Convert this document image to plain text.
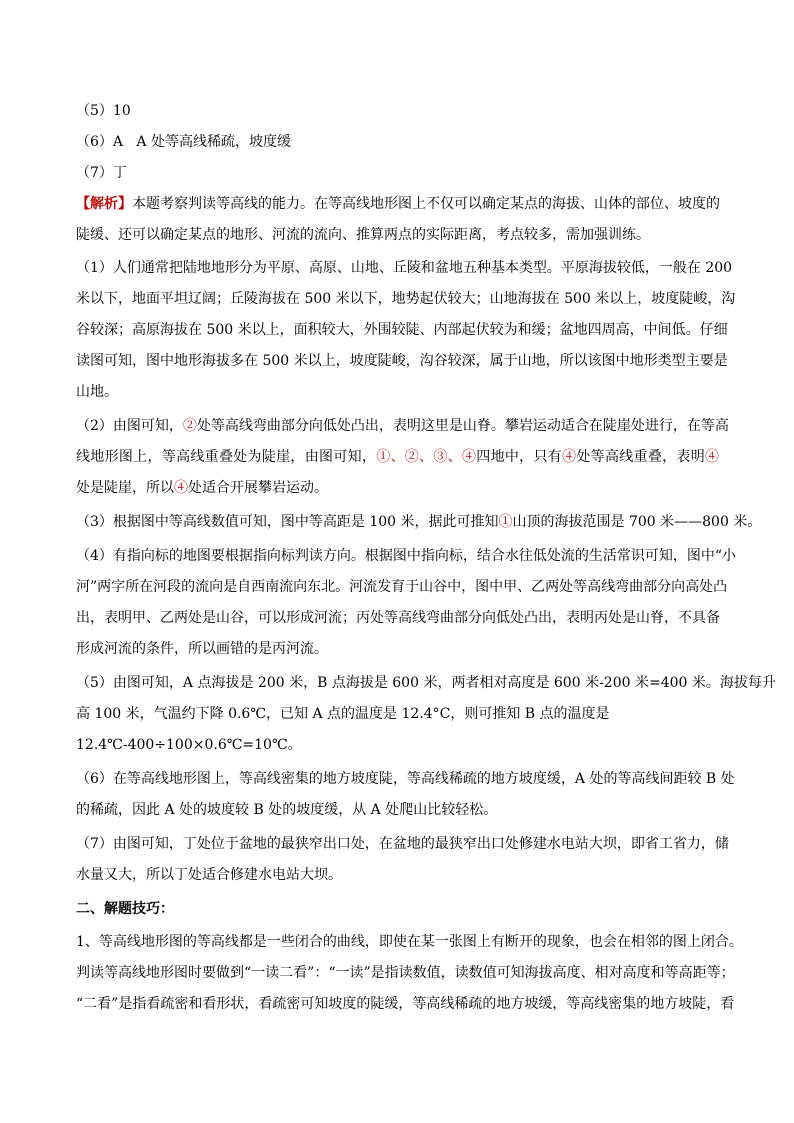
（5）10
（6）A A 处等高线稀疏，坡度缓
（7）丁
【解析】本题考察判读等高线的能力。在等高线地形图上不仅可以确定某点的海拔、山体的部位、坡度的
陡缓、还可以确定某点的地形、河流的流向、推算两点的实际距离，考点较多，需加强训练。
（1）人们通常把陆地地形分为平原、高原、山地、丘陵和盆地五种基本类型。平原海拔较低，一般在 200
米以下，地面平坦辽阔；丘陵海拔在 500 米以下，地势起伏较大；山地海拔在 500 米以上，坡度陡峻，沟
谷较深；高原海拔在 500 米以上，面积较大，外围较陡、内部起伏较为和缓；盆地四周高，中间低。仔细
读图可知，图中地形海拔多在 500 米以上，坡度陡峻，沟谷较深，属于山地，所以该图中地形类型主要是
山地。
（2）由图可知，②处等高线弯曲部分向低处凸出，表明这里是山脊。攀岩运动适合在陡崖处进行，在等高
线地形图上，等高线重叠处为陡崖，由图可知，①、②、③、④四地中，只有④处等高线重叠，表明④
处是陡崖，所以④处适合开展攀岩运动。
（3）根据图中等高线数值可知，图中等高距是 100 米，据此可推知①山顶的海拔范围是 700 米——800 米。
（4）有指向标的地图要根据指向标判读方向。根据图中指向标，结合水往低处流的生活常识可知，图中“小
河”两字所在河段的流向是自西南流向东北。河流发育于山谷中，图中甲、乙两处等高线弯曲部分向高处凸
出，表明甲、乙两处是山谷，可以形成河流；丙处等高线弯曲部分向低处凸出，表明丙处是山脊，不具备
形成河流的条件，所以画错的是丙河流。
（5）由图可知，A 点海拔是 200 米，B 点海拔是 600 米，两者相对高度是 600 米-200 米=400 米。海拔每升
高 100 米，气温约下降 0.6℃，已知 A 点的温度是 12.4°C，则可推知 B 点的温度是
12.4℃-400÷100×0.6℃=10℃。
（6）在等高线地形图上，等高线密集的地方坡度陡，等高线稀疏的地方坡度缓，A 处的等高线间距较 B 处
的稀疏，因此 A 处的坡度较 B 处的坡度缓，从 A 处爬山比较轻松。
（7）由图可知，丁处位于盆地的最狭窄出口处，在盆地的最狭窄出口处修建水电站大坝，即省工省力，储
水量又大，所以丁处适合修建水电站大坝。
二、解题技巧：
1、等高线地形图的等高线都是一些闭合的曲线，即使在某一张图上有断开的现象，也会在相邻的图上闭合。
判读等高线地形图时要做到“一读二看”：“一读”是指读数值，读数值可知海拔高度、相对高度和等高距等；
“二看”是指看疏密和看形状，看疏密可知坡度的陡缓，等高线稀疏的地方坡缓，等高线密集的地方坡陡，看
